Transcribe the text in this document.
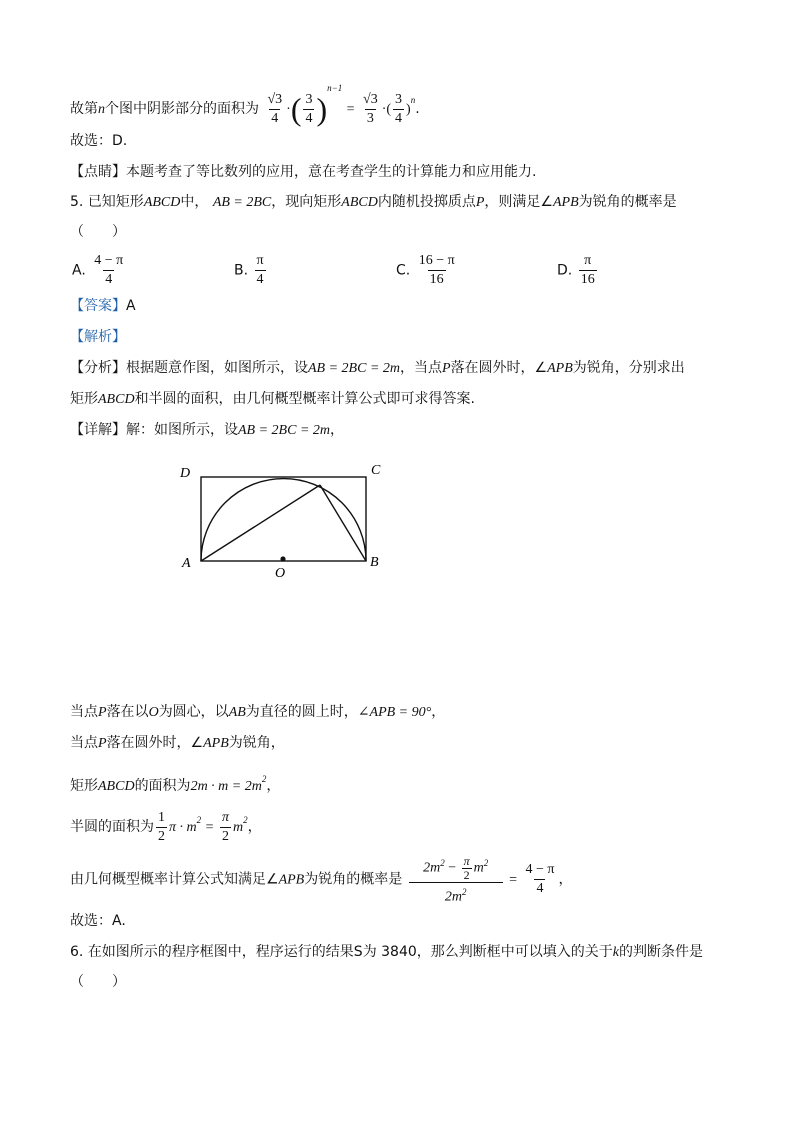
故第n个图中阴影部分的面积为 $\frac{√3}{4}$ ·( $\frac{3}{4} )^{n-1} = \frac{√3}{3}$ ·( $\frac{3}{4} )^n$.
故选：D.
【点睛】本题考查了等比数列的应用，意在考查学生的计算能力和应用能力.
5. 已知矩形ABCD中， AB = 2BC，现向矩形ABCD内随机投掷质点P，则满足∠APB为锐角的概率是
（　　）
A. $\frac{4 - \pi}{4}$	B. $\frac{\pi}{4}$	C. $\frac{16 - \pi}{16}$	D. $\frac{\pi}{16}$
【答案】A
【解析】
【分析】根据题意作图，如图所示，设AB = 2BC = 2m，当点P落在圆外时，∠APB为锐角，分别求出
矩形ABCD和半圆的面积，由几何概型概率计算公式即可求得答案.
【详解】解：如图所示，设AB = 2BC = 2m，
D	C
A	B
O
当点P落在以O为圆心，以AB为直径的圆上时，∠APB = 90°，
当点P落在圆外时，∠APB为锐角，
矩形ABCD的面积为$2m \cdot m = 2m^2$，
半圆的面积为 $\frac{1}{2}$ $\pi \cdot m^2 = \frac{\pi}{2} m^2$，
由几何概型概率计算公式知满足∠APB为锐角的概率是 $\frac{2m^2 - \frac{\pi}{2} m^2}{2m^2} = \frac{4 - \pi}{4}$ ，
故选：A.
6. 在如图所示的程序框图中，程序运行的结果S为 3840，那么判断框中可以填入的关于k的判断条件是
（　　）
